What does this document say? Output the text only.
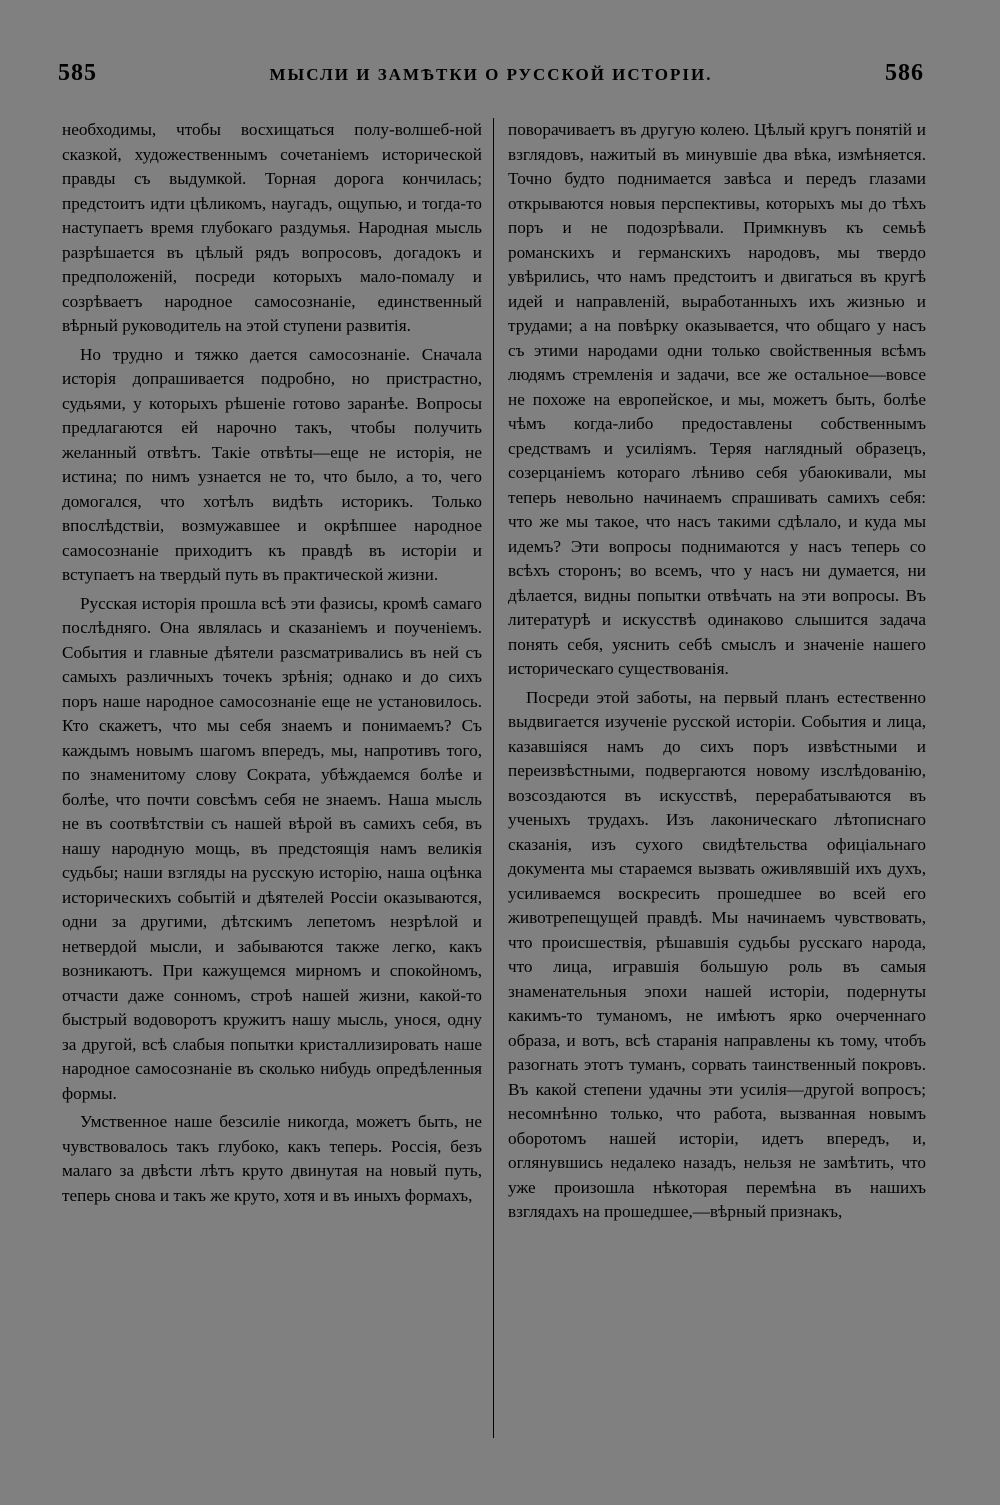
585	МЫСЛИ И ЗАМѢТКИ О РУССКОЙ ИСТОРІИ.	586

необходимы, чтобы восхищаться полу-волшеб-ной сказкой, художественнымъ сочетаніемъ исторической правды съ выдумкой. Торная дорога кончилась; предстоитъ идти цѣликомъ, наугадъ, ощупью, и тогда-то наступаетъ время глубокаго раздумья. Народная мысль разрѣшается въ цѣлый рядъ вопросовъ, догадокъ и предположеній, посреди которыхъ мало-помалу и созрѣваетъ народное самосознаніе, единственный вѣрный руководитель на этой ступени развитія.

Но трудно и тяжко дается самосознаніе. Сначала исторія допрашивается подробно, но пристрастно, судьями, у которыхъ рѣшеніе готово заранѣе. Вопросы предлагаются ей нарочно такъ, чтобы получить желанный отвѣтъ. Такіе отвѣты—еще не исторія, не истина; по нимъ узнается не то, что было, а то, чего домогался, что хотѣлъ видѣть историкъ. Только впослѣдствіи, возмужавшее и окрѣпшее народное самосознаніе приходитъ къ правдѣ въ исторіи и вступаетъ на твердый путь въ практической жизни.

Русская исторія прошла всѣ эти фазисы, кромѣ самаго послѣдняго. Она являлась и сказаніемъ и поученіемъ. События и главные дѣятели разсматривались въ ней съ самыхъ различныхъ точекъ зрѣнія; однако и до сихъ поръ наше народное самосознаніе еще не установилось. Кто скажетъ, что мы себя знаемъ и понимаемъ? Съ каждымъ новымъ шагомъ впередъ, мы, напротивъ того, по знаменитому слову Сократа, убѣждаемся болѣе и болѣе, что почти совсѣмъ себя не знаемъ. Наша мысль не въ соотвѣтствіи съ нашей вѣрой въ самихъ себя, въ нашу народную мощь, въ предстоящія намъ великія судьбы; наши взгляды на русскую исторію, наша оцѣнка историческихъ событій и дѣятелей Россіи оказываются, одни за другими, дѣтскимъ лепетомъ незрѣлой и нетвердой мысли, и забываются также легко, какъ возникаютъ. При кажущемся мирномъ и спокойномъ, отчасти даже сонномъ, строѣ нашей жизни, какой-то быстрый водоворотъ кружитъ нашу мысль, унося, одну за другой, всѣ слабыя попытки кристаллизировать наше народное самосознаніе въ сколько нибудь опредѣленныя формы.

Умственное наше безсиліе никогда, можетъ быть, не чувствовалось такъ глубоко, какъ теперь. Россія, безъ малаго за двѣсти лѣтъ круто двинутая на новый путь, теперь снова и такъ же круто, хотя и въ иныхъ формахъ,

поворачиваетъ въ другую колею. Цѣлый кругъ понятій и взглядовъ, нажитый въ минувшіе два вѣка, измѣняется. Точно будто поднимается завѣса и передъ глазами открываются новыя перспективы, которыхъ мы до тѣхъ поръ и не подозрѣвали. Примкнувъ къ семьѣ романскихъ и германскихъ народовъ, мы твердо увѣрились, что намъ предстоитъ и двигаться въ кругѣ идей и направленій, выработанныхъ ихъ жизнью и трудами; а на повѣрку оказывается, что общаго у насъ съ этими народами одни только свойственныя всѣмъ людямъ стремленія и задачи, все же остальное—вовсе не похоже на европейское, и мы, можетъ быть, болѣе чѣмъ когда-либо предоставлены собственнымъ средствамъ и усиліямъ. Теряя наглядный образецъ, созерцаніемъ котораго лѣниво себя убаюкивали, мы теперь невольно начинаемъ спрашивать самихъ себя: что же мы такое, что насъ такими сдѣлало, и куда мы идемъ? Эти вопросы поднимаются у насъ теперь со всѣхъ сторонъ; во всемъ, что у насъ ни думается, ни дѣлается, видны попытки отвѣчать на эти вопросы. Въ литературѣ и искусствѣ одинаково слышится задача понять себя, уяснить себѣ смыслъ и значеніе нашего историческаго существованія.

Посреди этой заботы, на первый планъ естественно выдвигается изученіе русской исторіи. События и лица, казавшіяся намъ до сихъ поръ извѣстными и переизвѣстными, подвергаются новому изслѣдованію, возсоздаются въ искусствѣ, перерабатываются въ ученыхъ трудахъ. Изъ лаконическаго лѣтописнаго сказанія, изъ сухого свидѣтельства офиціальнаго документа мы стараемся вызвать оживлявшій ихъ духъ, усиливаемся воскресить прошедшее во всей его животрепещущей правдѣ. Мы начинаемъ чувствовать, что происшествія, рѣшавшія судьбы русскаго народа, что лица, игравшія большую роль въ самыя знаменательныя эпохи нашей исторіи, подернуты какимъ-то туманомъ, не имѣютъ ярко очерченнаго образа, и вотъ, всѣ старанія направлены къ тому, чтобъ разогнать этотъ туманъ, сорвать таинственный покровъ. Въ какой степени удачны эти усилія—другой вопросъ; несомнѣнно только, что работа, вызванная новымъ оборотомъ нашей исторіи, идетъ впередъ, и, оглянувшись недалеко назадъ, нельзя не замѣтить, что уже произошла нѣкоторая перемѣна въ нашихъ взглядахъ на прошедшее,—вѣрный признакъ,
